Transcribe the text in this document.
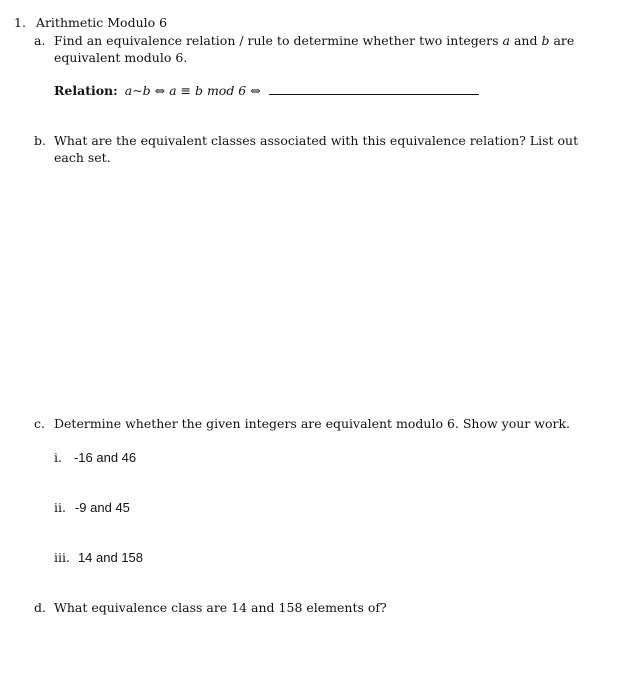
1. Arithmetic Modulo 6
a. Find an equivalence relation / rule to determine whether two integers a and b are
equivalent modulo 6.
Relation: a~b ⇔ a ≡ b mod 6 ⇔
b. What are the equivalent classes associated with this equivalence relation? List out
each set.
c. Determine whether the given integers are equivalent modulo 6. Show your work.
i. -16 and 46
ii. -9 and 45
iii. 14 and 158
d. What equivalence class are 14 and 158 elements of?
